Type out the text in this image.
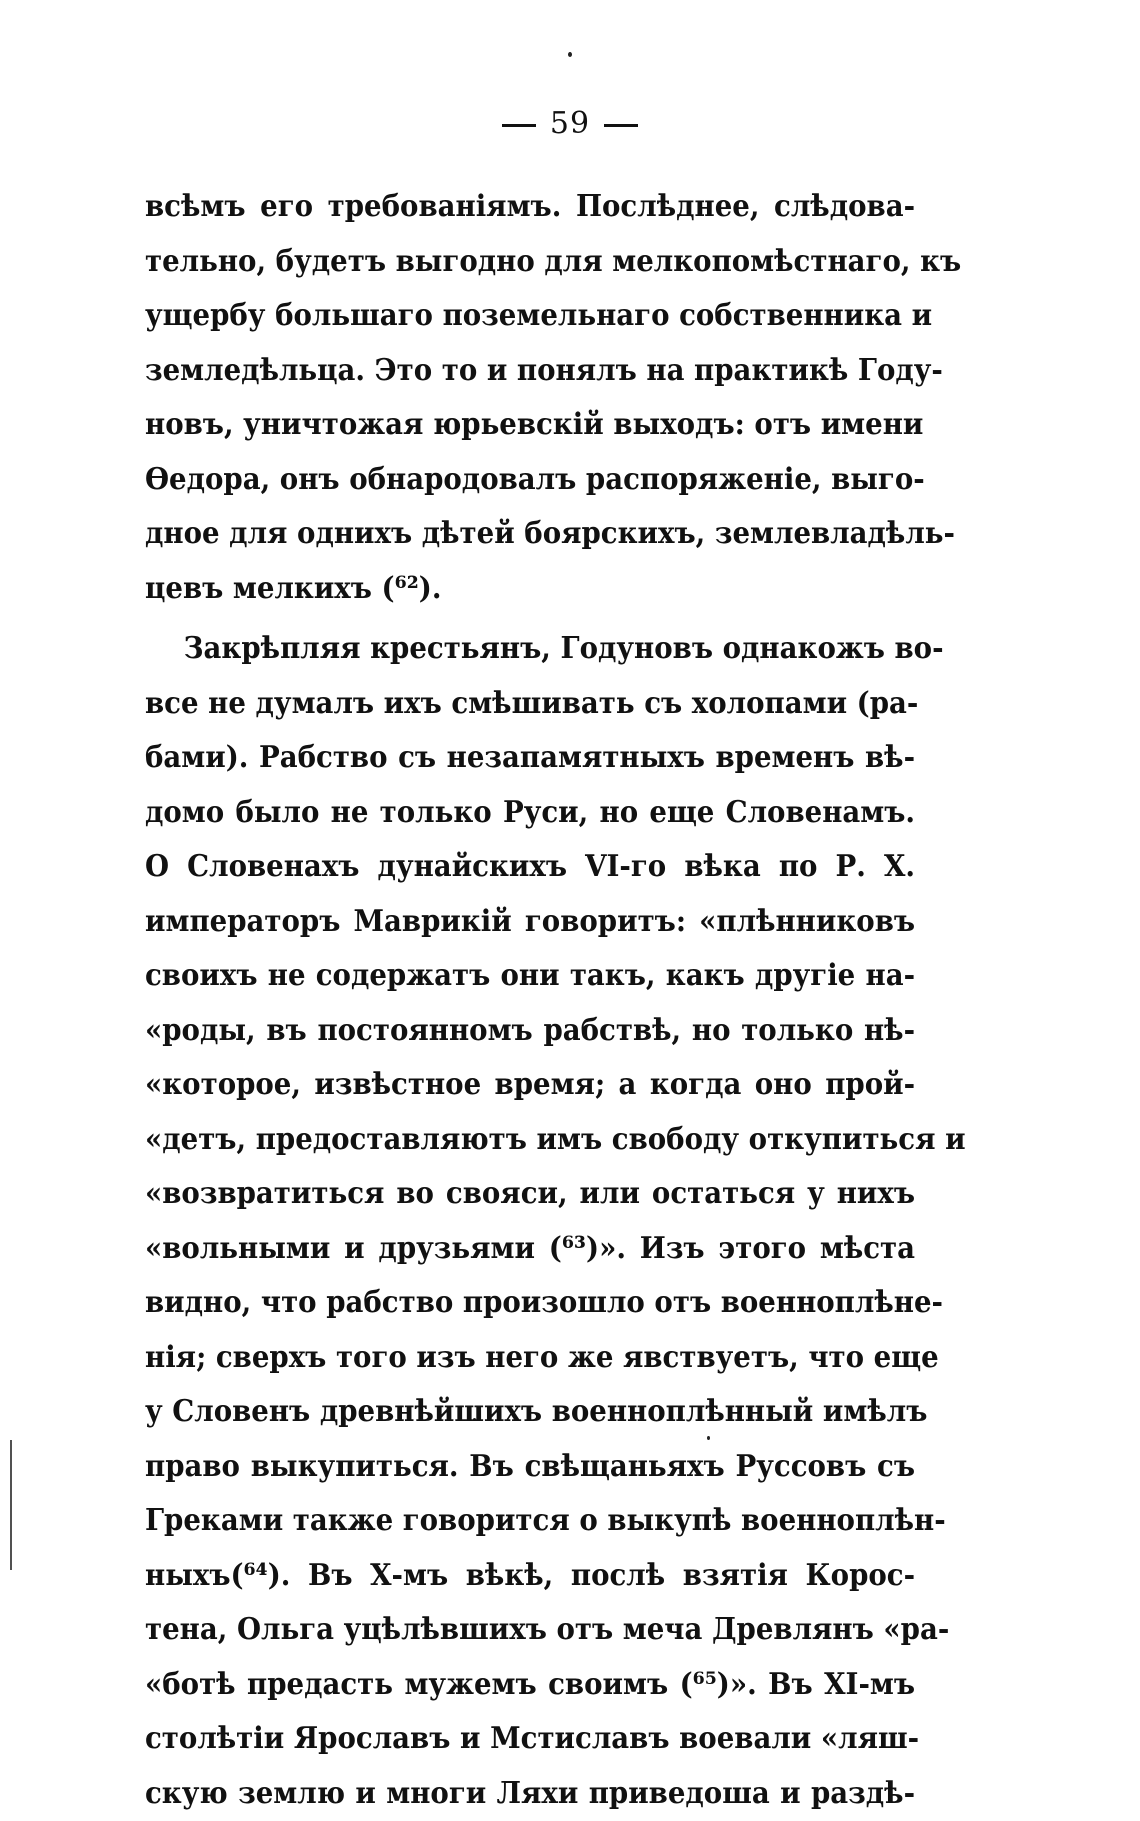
59
всѣмъ его требованіямъ. Послѣднее, слѣдова-
тельно, будетъ выгодно для мелкопомѣстнаго, къ
ущербу большаго поземельнаго собственника и
земледѣльца. Это то и понялъ на практикѣ Году-
новъ, уничтожая юрьевскій выходъ: отъ имени
Ѳедора, онъ обнародовалъ распоряженіе, выго-
дное для однихъ дѣтей боярскихъ, землевладѣль-
цевъ мелкихъ (⁶²).
Закрѣпляя крестьянъ, Годуновъ однакожъ во-
все не думалъ ихъ смѣшивать съ холопами (ра-
бами). Рабство съ незапамятныхъ временъ вѣ-
домо было не только Руси, но еще Словенамъ.
О Словенахъ дунайскихъ VI-го вѣка по Р. Х.
императоръ Маврикій говоритъ: «плѣнниковъ
своихъ не содержатъ они такъ, какъ другіе на-
«роды, въ постоянномъ рабствѣ, но только нѣ-
«которое, извѣстное время; а когда оно прой-
«детъ, предоставляютъ имъ свободу откупиться и
«возвратиться во свояси, или остаться у нихъ
«вольными и друзьями (⁶³)». Изъ этого мѣста
видно, что рабство произошло отъ военноплѣне-
нія; сверхъ того изъ него же явствуетъ, что еще
у Словенъ древнѣйшихъ военноплѣнный имѣлъ
право выкупиться. Въ свѣщаньяхъ Руссовъ съ
Греками также говорится о выкупѣ военноплѣн-
ныхъ(⁶⁴). Въ Х-мъ вѣкѣ, послѣ взятія Корос-
тена, Ольга уцѣлѣвшихъ отъ меча Древлянъ «ра-
«ботѣ предасть мужемъ своимъ (⁶⁵)». Въ XI-мъ
столѣтіи Ярославъ и Мстиславъ воевали «ляш-
скую землю и многи Ляхи приведоша и раздѣ-
